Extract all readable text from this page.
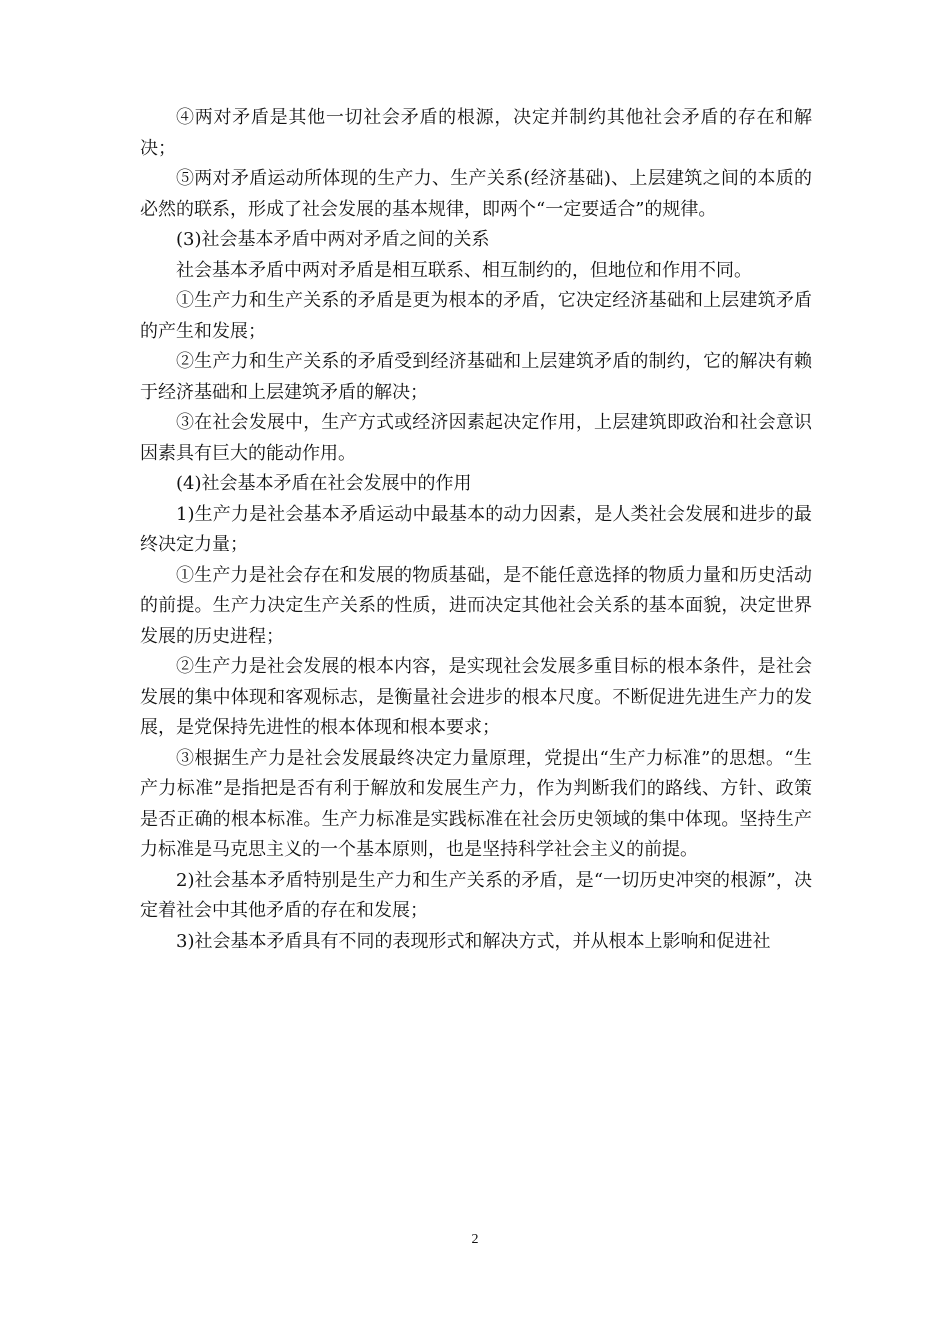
④两对矛盾是其他一切社会矛盾的根源，决定并制约其他社会矛盾的存在和解决；

⑤两对矛盾运动所体现的生产力、生产关系(经济基础)、上层建筑之间的本质的必然的联系，形成了社会发展的基本规律，即两个“一定要适合”的规律。

(3)社会基本矛盾中两对矛盾之间的关系

社会基本矛盾中两对矛盾是相互联系、相互制约的，但地位和作用不同。

①生产力和生产关系的矛盾是更为根本的矛盾，它决定经济基础和上层建筑矛盾的产生和发展；

②生产力和生产关系的矛盾受到经济基础和上层建筑矛盾的制约，它的解决有赖于经济基础和上层建筑矛盾的解决；

③在社会发展中，生产方式或经济因素起决定作用，上层建筑即政治和社会意识因素具有巨大的能动作用。

(4)社会基本矛盾在社会发展中的作用

1)生产力是社会基本矛盾运动中最基本的动力因素，是人类社会发展和进步的最终决定力量；

①生产力是社会存在和发展的物质基础，是不能任意选择的物质力量和历史活动的前提。生产力决定生产关系的性质，进而决定其他社会关系的基本面貌，决定世界发展的历史进程；

②生产力是社会发展的根本内容，是实现社会发展多重目标的根本条件，是社会发展的集中体现和客观标志，是衡量社会进步的根本尺度。不断促进先进生产力的发展，是党保持先进性的根本体现和根本要求；

③根据生产力是社会发展最终决定力量原理，党提出“生产力标准”的思想。“生产力标准”是指把是否有利于解放和发展生产力，作为判断我们的路线、方针、政策是否正确的根本标准。生产力标准是实践标准在社会历史领域的集中体现。坚持生产力标准是马克思主义的一个基本原则，也是坚持科学社会主义的前提。

2)社会基本矛盾特别是生产力和生产关系的矛盾，是“一切历史冲突的根源”，决定着社会中其他矛盾的存在和发展；

3)社会基本矛盾具有不同的表现形式和解决方式，并从根本上影响和促进社

2
